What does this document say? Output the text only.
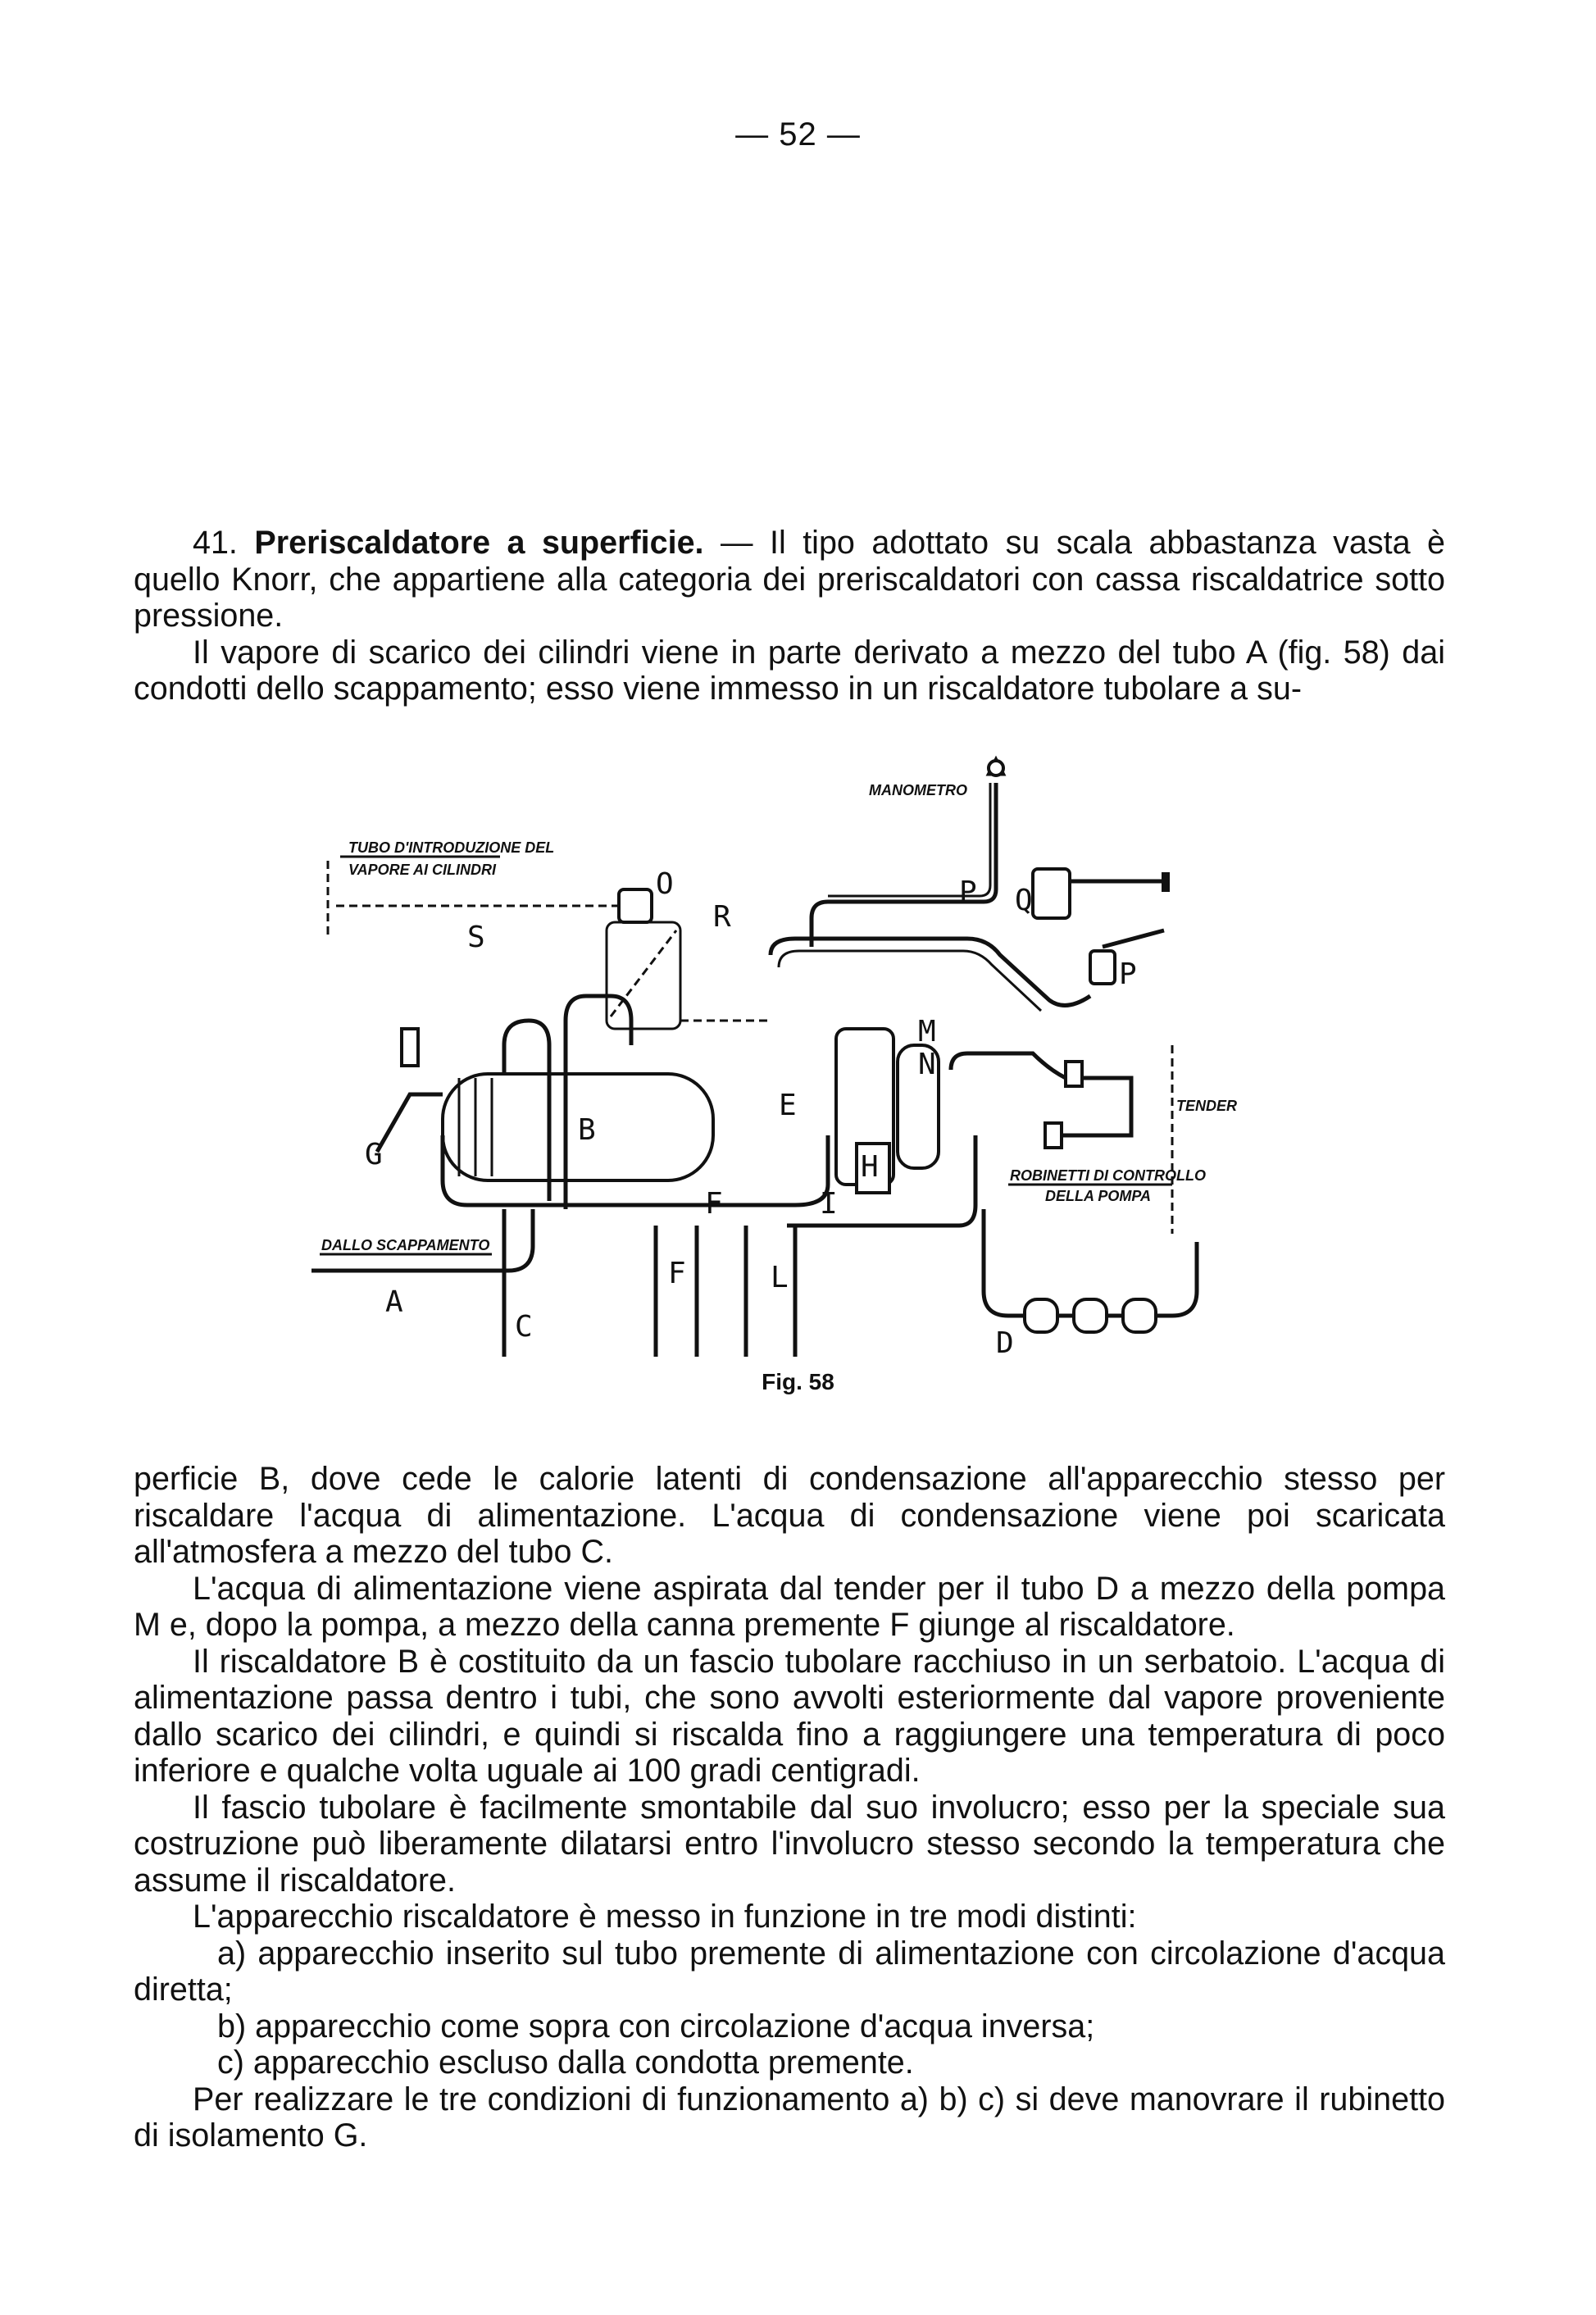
— 52 —

41. Preriscaldatore a superficie. — Il tipo adottato su scala abbastanza vasta è quello Knorr, che appartiene alla categoria dei preriscaldatori con cassa riscaldatrice sotto pressione.

Il vapore di scarico dei cilindri viene in parte derivato a mezzo del tubo A (fig. 58) dai condotti dello scappamento; esso viene immesso in un riscaldatore tubolare a su-

MANOMETRO
Q
P
P
TUBO D'INTRODUZIONE DEL
VAPORE AI CILINDRI
S
O
R
B
G
F	I
E
M
N
H	ROBINETTI DI CONTROLLO
DELLA POMPA
TENDER
D
DALLO SCAPPAMENTO
A
C
F	L
Fig. 58

perficie B, dove cede le calorie latenti di condensazione all'apparecchio stesso per riscaldare l'acqua di alimentazione. L'acqua di condensazione viene poi scaricata all'atmosfera a mezzo del tubo C.

L'acqua di alimentazione viene aspirata dal tender per il tubo D a mezzo della pompa M e, dopo la pompa, a mezzo della canna premente F giunge al riscaldatore.

Il riscaldatore B è costituito da un fascio tubolare racchiuso in un serbatoio. L'acqua di alimentazione passa dentro i tubi, che sono avvolti esteriormente dal vapore proveniente dallo scarico dei cilindri, e quindi si riscalda fino a raggiungere una temperatura di poco inferiore e qualche volta uguale ai 100 gradi centigradi.

Il fascio tubolare è facilmente smontabile dal suo involucro; esso per la speciale sua costruzione può liberamente dilatarsi entro l'involucro stesso secondo la temperatura che assume il riscaldatore.

L'apparecchio riscaldatore è messo in funzione in tre modi distinti:

a) apparecchio inserito sul tubo premente di alimentazione con circolazione d'acqua diretta;

b) apparecchio come sopra con circolazione d'acqua inversa;

c) apparecchio escluso dalla condotta premente.

Per realizzare le tre condizioni di funzionamento a) b) c) si deve manovrare il rubinetto di isolamento G.
